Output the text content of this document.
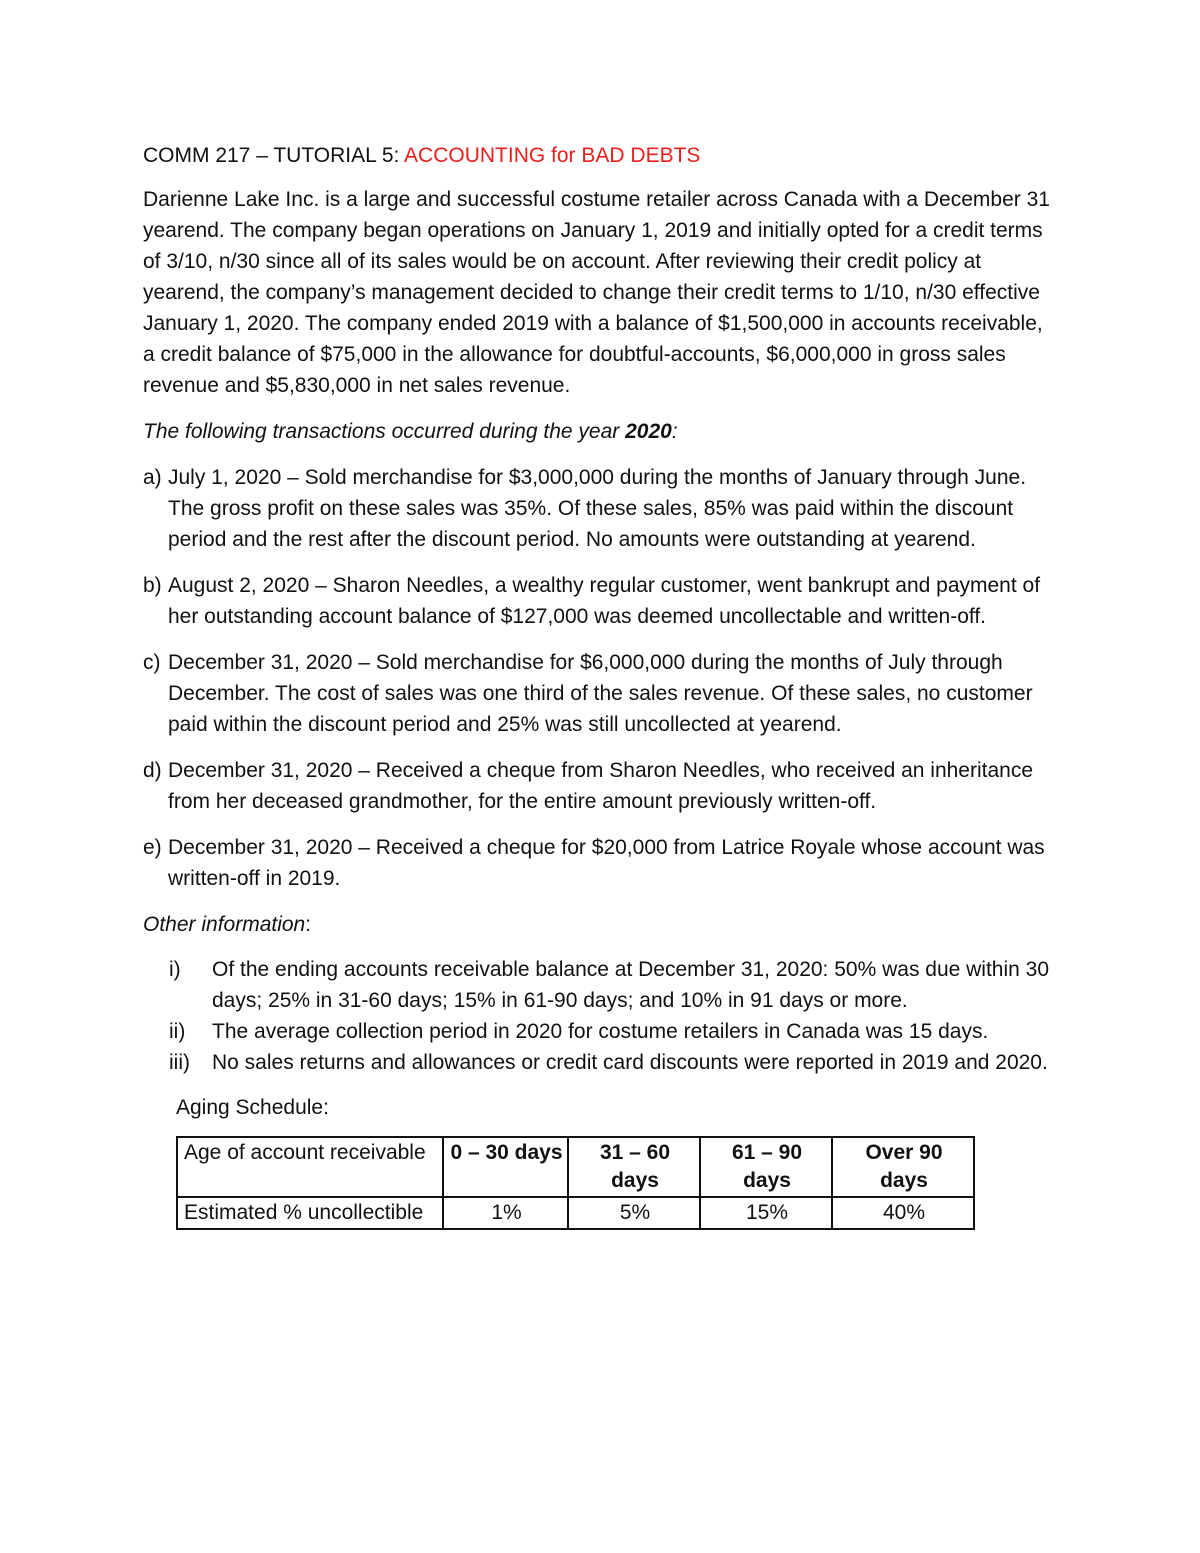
COMM 217 – TUTORIAL 5: ACCOUNTING for BAD DEBTS

Darienne Lake Inc. is a large and successful costume retailer across Canada with a December 31 yearend. The company began operations on January 1, 2019 and initially opted for a credit terms of 3/10, n/30 since all of its sales would be on account. After reviewing their credit policy at yearend, the company’s management decided to change their credit terms to 1/10, n/30 effective January 1, 2020. The company ended 2019 with a balance of $1,500,000 in accounts receivable, a credit balance of $75,000 in the allowance for doubtful-accounts, $6,000,000 in gross sales revenue and $5,830,000 in net sales revenue.

The following transactions occurred during the year 2020:

a) July 1, 2020 – Sold merchandise for $3,000,000 during the months of January through June. The gross profit on these sales was 35%. Of these sales, 85% was paid within the discount period and the rest after the discount period. No amounts were outstanding at yearend.
b) August 2, 2020 – Sharon Needles, a wealthy regular customer, went bankrupt and payment of her outstanding account balance of $127,000 was deemed uncollectable and written-off.
c) December 31, 2020 – Sold merchandise for $6,000,000 during the months of July through December. The cost of sales was one third of the sales revenue. Of these sales, no customer paid within the discount period and 25% was still uncollected at yearend.
d) December 31, 2020 – Received a cheque from Sharon Needles, who received an inheritance from her deceased grandmother, for the entire amount previously written-off.
e) December 31, 2020 – Received a cheque for $20,000 from Latrice Royale whose account was written-off in 2019.

Other information:

i) Of the ending accounts receivable balance at December 31, 2020: 50% was due within 30 days; 25% in 31-60 days; 15% in 61-90 days; and 10% in 91 days or more.
ii) The average collection period in 2020 for costume retailers in Canada was 15 days.
iii) No sales returns and allowances or credit card discounts were reported in 2019 and 2020.

Aging Schedule:

Age of account receivable	0 – 30 days	31 – 60 days	61 – 90 days	Over 90 days
Estimated % uncollectible	1%	5%	15%	40%
